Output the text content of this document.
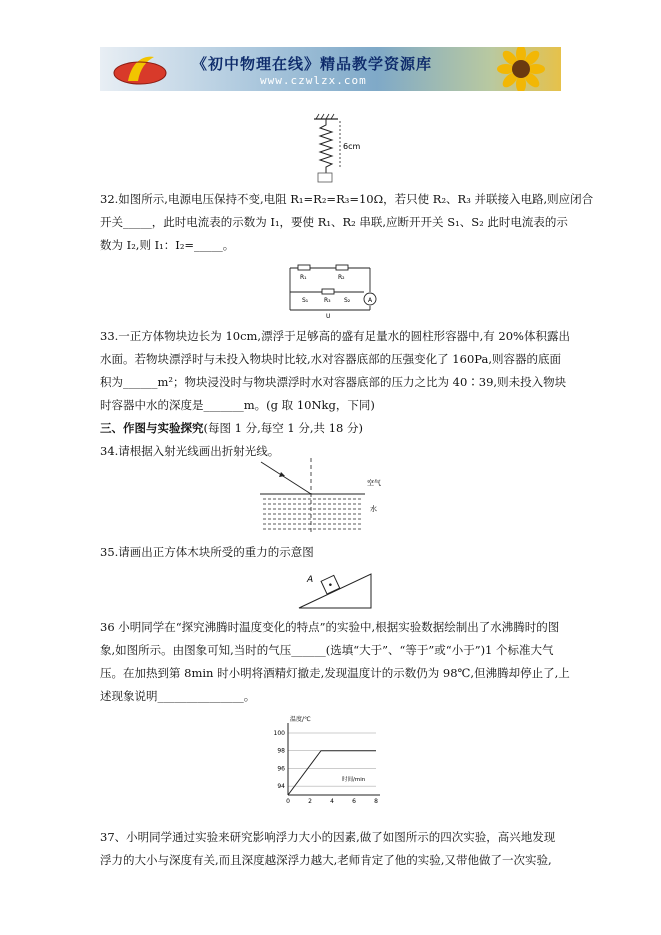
《初中物理在线》精品教学资源库
www.czwlzx.com
6cm
32.如图所示,电源电压保持不变,电阻 R₁=R₂=R₃=10Ω，若只使 R₂、R₃ 并联接入电路,则应闭合
开关_____，此时电流表的示数为 I₁，要使 R₁、R₂ 串联,应断开开关 S₁、S₂ 此时电流表的示
数为 I₂,则 I₁：I₂=_____。
R₁	R₂
R₃
S₁	S₂	A
U
33.一正方体物块边长为 10cm,漂浮于足够高的盛有足量水的圆柱形容器中,有 20%体积露出
水面。若物块漂浮时与未投入物块时比较,水对容器底部的压强变化了 160Pa,则容器的底面
积为______m²；物块浸没时与物块漂浮时水对容器底部的压力之比为 40∶39,则未投入物块
时容器中水的深度是_______m。(g 取 10Nkg，下同)
三、作图与实验探究(每图 1 分,每空 1 分,共 18 分)
34.请根据入射光线画出折射光线。
空气
水
35.请画出正方体木块所受的重力的示意图
A
36 小明同学在“探究沸腾时温度变化的特点”的实验中,根据实验数据绘制出了水沸腾时的图
象,如图所示。由图象可知,当时的气压______(选填“大于”、“等于”或“小于”)1 个标准大气
压。在加热到第 8min 时小明将酒精灯撤走,发现温度计的示数仍为 98℃,但沸腾却停止了,上
述现象说明_______________。
温度/℃
时间/min
100
98
96
94
0	2	4	6	8
37、小明同学通过实验来研究影响浮力大小的因素,做了如图所示的四次实验，高兴地发现
浮力的大小与深度有关,而且深度越深浮力越大,老师肯定了他的实验,又带他做了一次实验,
